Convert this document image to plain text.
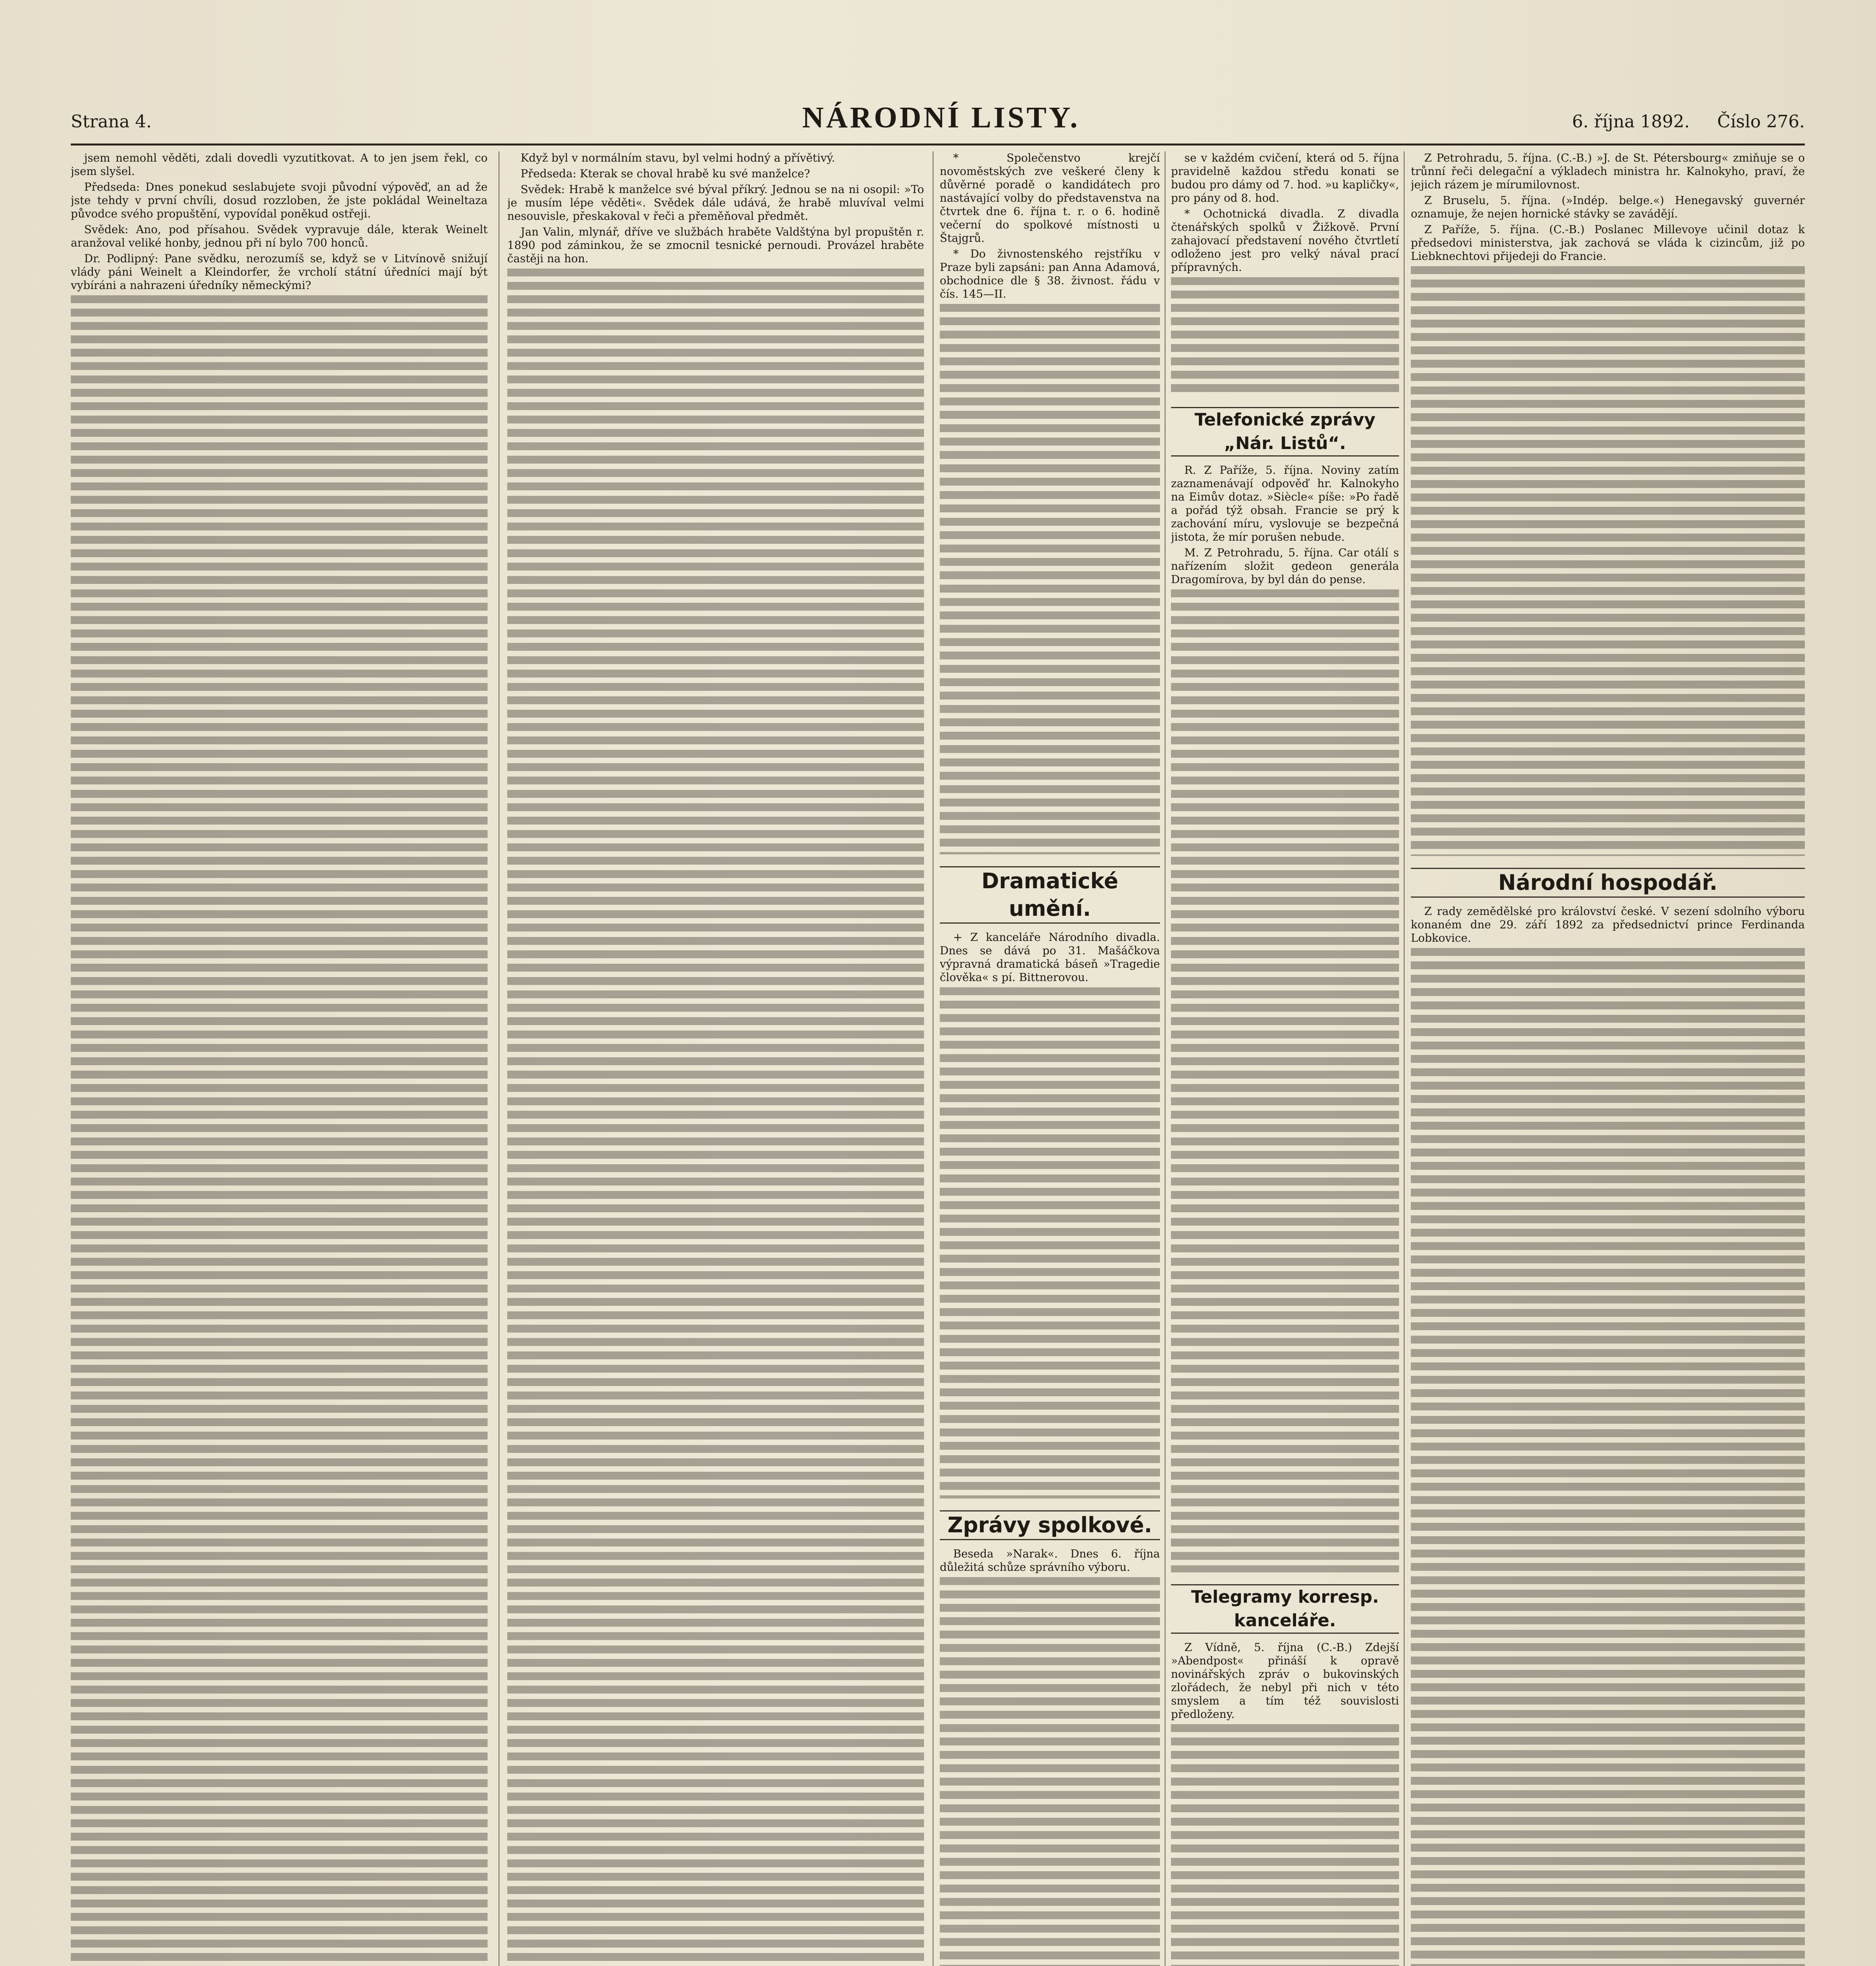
Strana 4.	NÁRODNÍ LISTY.	6. října 1892. Číslo 276.

jsem nemohl věděti, zdali dovedli vyzutitkovat. A to jen jsem řekl, co jsem slyšel.

Předseda: Dnes ponekud seslabujete svoji původní výpověď, an ad že jste tehdy v první chvíli, dosud rozzloben, že jste pokládal Weineltaza původce svého propuštění, vypovídal poněkud ostřeji.

Svědek: Ano, pod přísahou. Svědek vypravuje dále, kterak Weinelt aranžoval veliké honby, jednou při ní bylo 700 honců.

Dr. Podlipný: Pane svědku, nerozumíš se, když se v Litvínově snižují vlády páni Weinelt a Kleindorfer, že vrcholí státní úředníci mají být vybíráni a nahrazeni úředníky německými?

Když byl v normálním stavu, byl velmi hodný a přívětivý.

Předseda: Kterak se choval hrabě ku své manželce?

Svědek: Hrabě k manželce své býval příkrý. Jednou se na ni osopil: »To je musím lépe věděti«. Svědek dále udává, že hrabě mluvíval velmi nesouvisle, přeskakoval v řeči a přeměňoval předmět.

Jan Valin, mlynář, dříve ve službách hraběte Valdštýna byl propuštěn r. 1890 pod záminkou, že se zmocnil tesnické pernoudi. Provázel hraběte častěji na hon.

* Společenstvo krejčí novoměstských zve veškeré členy k důvěrné poradě o kandidátech pro nastávající volby do představenstva na čtvrtek dne 6. října t. r. o 6. hodině večerní do spolkové místnosti u Štajgrů.

* Do živnostenského rejstříku v Praze byli zapsáni: pan Anna Adamová, obchodnice dle § 38. živnost. řádu v čís. 145—II.

Dramatické umění.

+ Z kanceláře Národního divadla. Dnes se dává po 31. Mašáčkova výpravná dramatická báseň »Tragedie člověka« s pí. Bittnerovou.

Zprávy spolkové.

Beseda »Narak«. Dnes 6. října důležitá schůze správního výboru.

se v každém cvičení, která od 5. října pravidelně každou středu konati se budou pro dámy od 7. hod. »u kapličky«, pro pány od 8. hod.

* Ochotnická divadla. Z divadla čtenářských spolků v Žižkově. První zahajovací představení nového čtvrtletí odloženo jest pro velký nával prací přípravných.

Telefonické zprávy „Nár. Listů“.

R. Z Paříže, 5. října. Noviny zatím zaznamenávají odpověď hr. Kalnokyho na Eimův dotaz. »Siècle« píše: »Po řadě a pořád týž obsah. Francie se prý k zachování míru, vyslovuje se bezpečná jistota, že mír porušen nebude.

M. Z Petrohradu, 5. října. Car otálí s nařízením složit gedeon generála Dragomírova, by byl dán do pense.

Telegramy korresp. kanceláře.

Z Vídně, 5. října (C.-B.) Zdejší »Abendpost« přináší k opravě novinářských zpráv o bukovinských zlořádech, že nebyl při nich v této smyslem a tím též souvislosti předloženy.

Z Petrohradu, 5. října. (C.-B.) »J. de St. Pétersbourg« zmiňuje se o trůnní řeči delegační a výkladech ministra hr. Kalnokyho, praví, že jejich rázem je mírumilovnost.

Z Bruselu, 5. října. (»Indép. belge.«) Henegavský guvernér oznamuje, že nejen hornické stávky se zavádějí.

Z Paříže, 5. října. (C.-B.) Poslanec Millevoye učinil dotaz k předsedovi ministerstva, jak zachová se vláda k cizincům, již po Liebknechtovi přijedeji do Francie.

Národní hospodář.

Z rady zemědělské pro království české. V sezení sdolního výboru konaném dne 29. září 1892 za předsednictví prince Ferdinanda Lobkovice.
